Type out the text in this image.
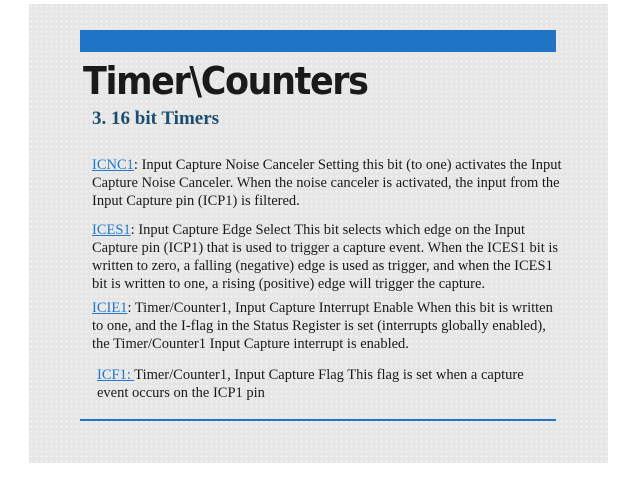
Timer\Counters
3. 16 bit Timers

ICNC1: Input Capture Noise Canceler Setting this bit (to one) activates the Input Capture Noise Canceler. When the noise canceler is activated, the input from the Input Capture pin (ICP1) is filtered.

ICES1: Input Capture Edge Select This bit selects which edge on the Input Capture pin (ICP1) that is used to trigger a capture event. When the ICES1 bit is written to zero, a falling (negative) edge is used as trigger, and when the ICES1 bit is written to one, a rising (positive) edge will trigger the capture.

ICIE1: Timer/Counter1, Input Capture Interrupt Enable When this bit is written to one, and the I-flag in the Status Register is set (interrupts globally enabled), the Timer/Counter1 Input Capture interrupt is enabled.

ICF1: Timer/Counter1, Input Capture Flag This flag is set when a capture event occurs on the ICP1 pin
